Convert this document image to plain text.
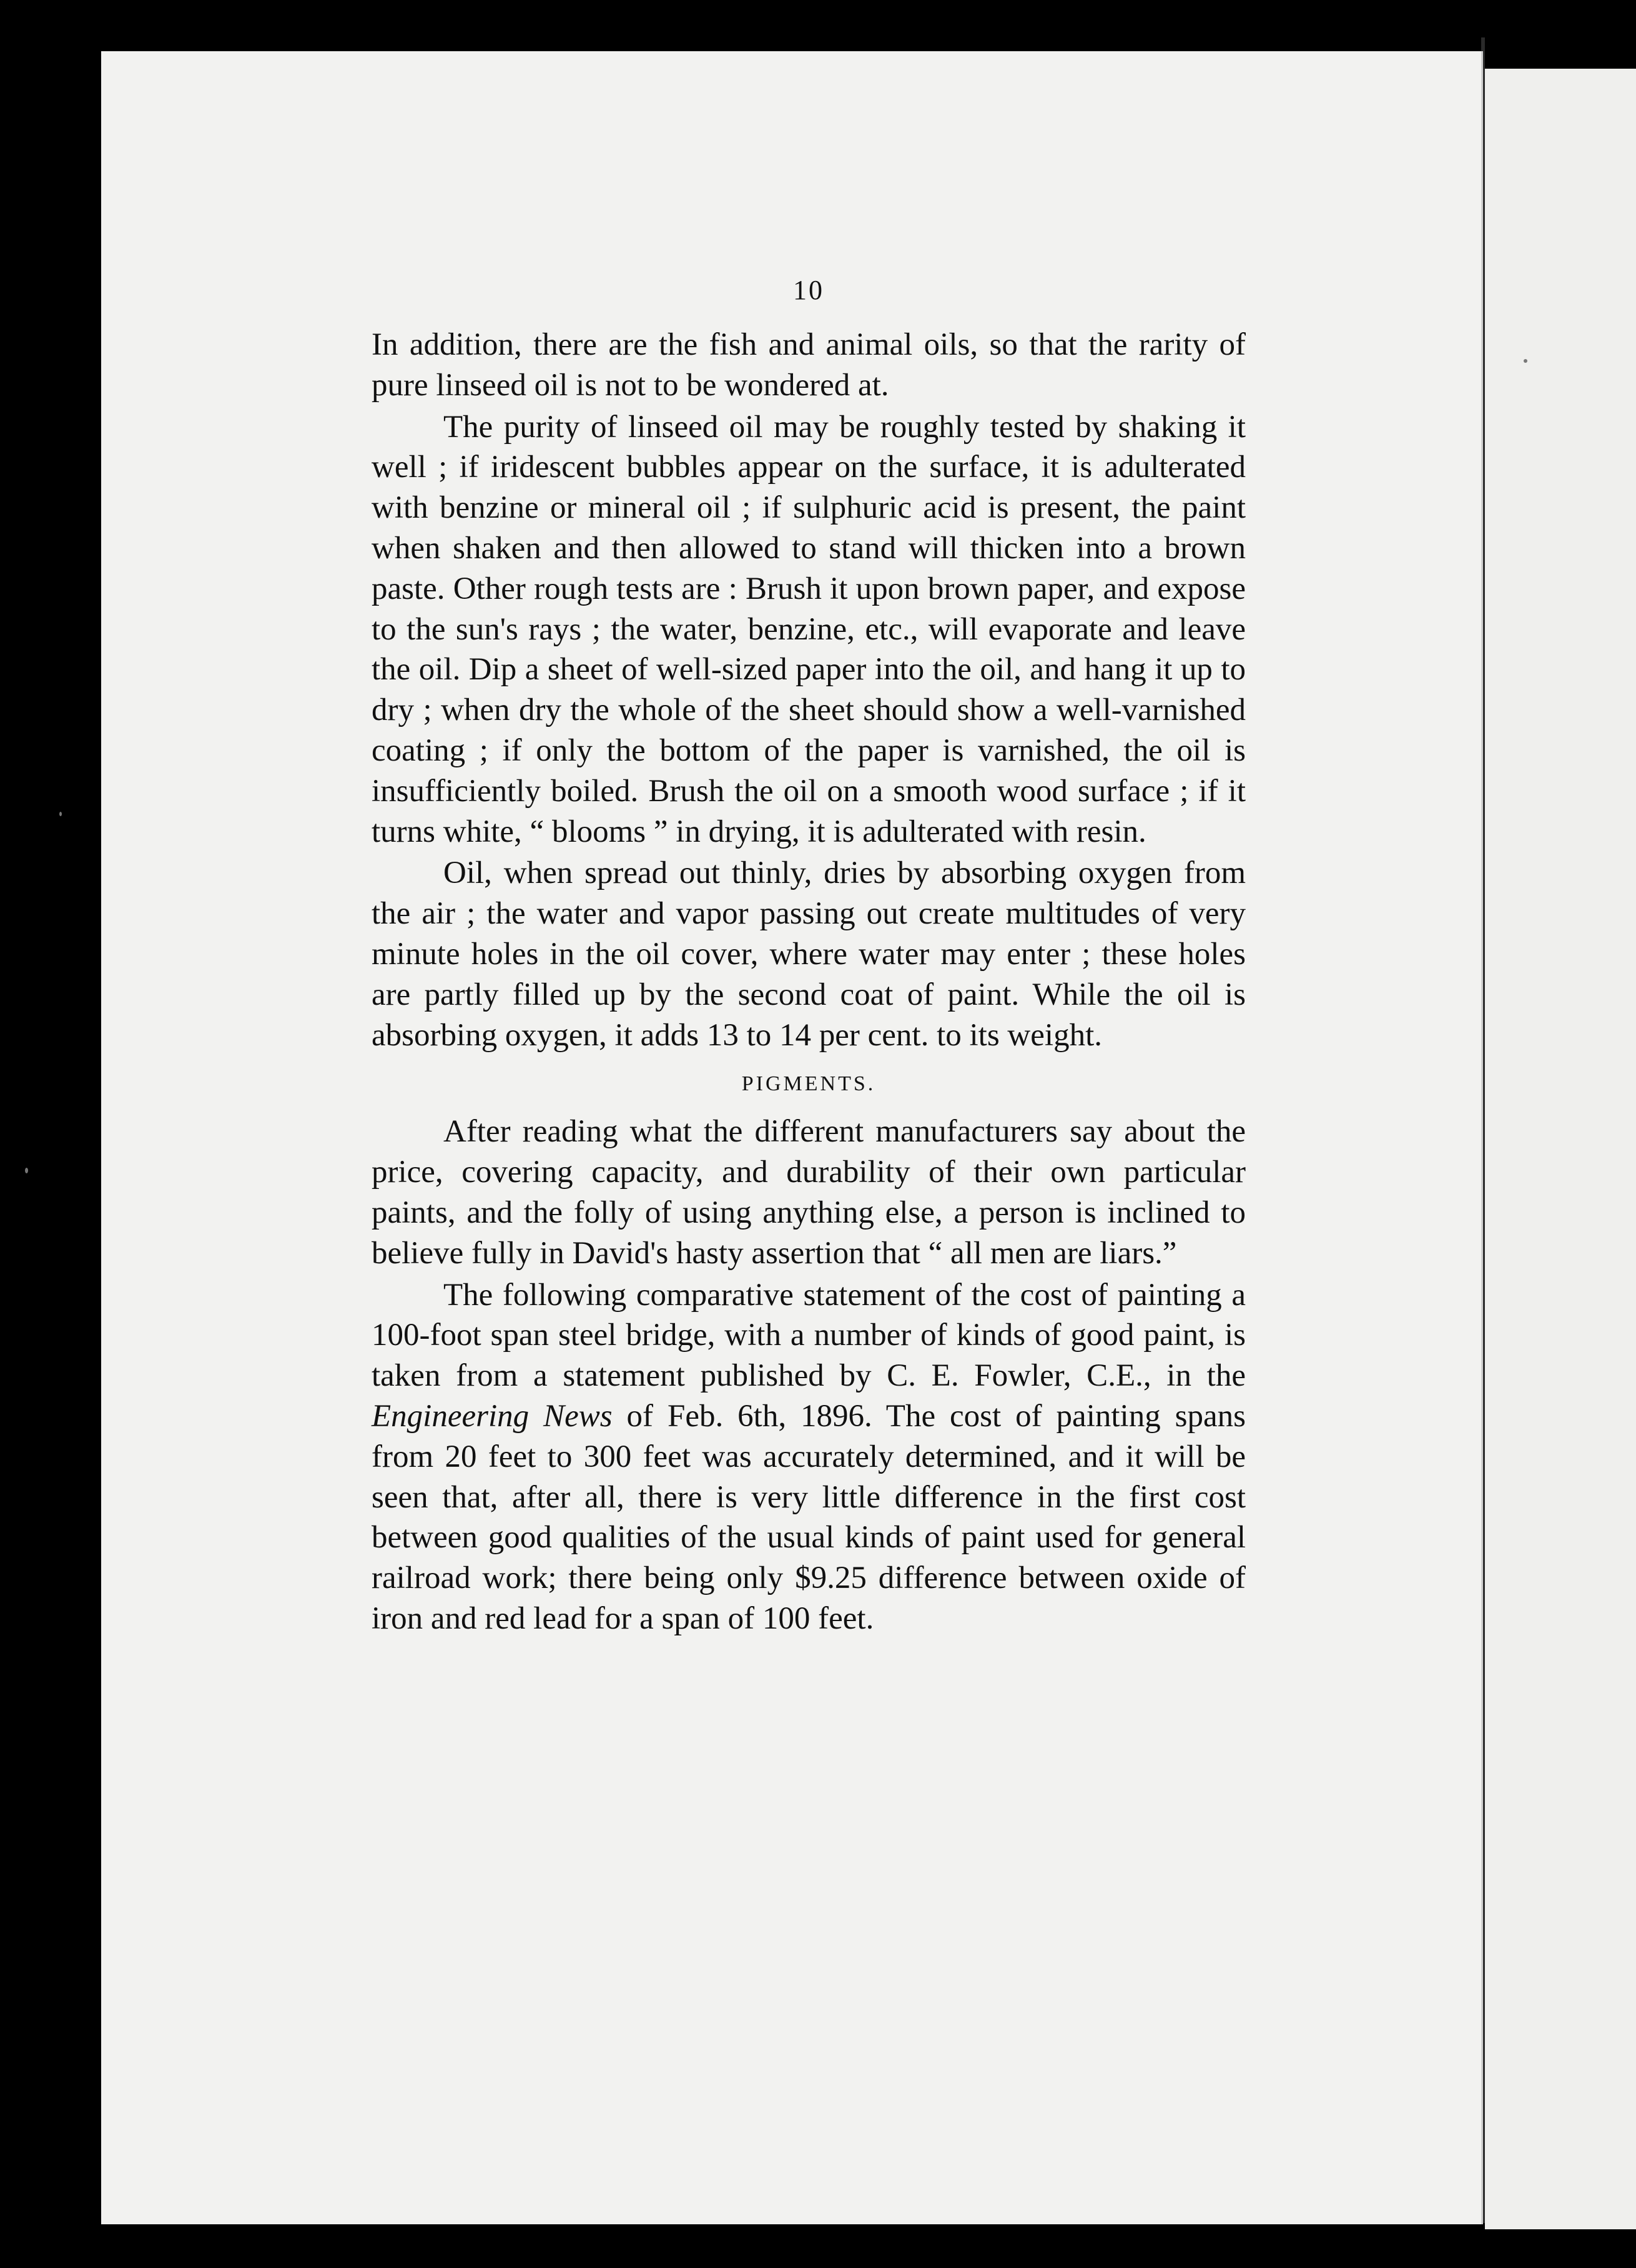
10

In addition, there are the fish and animal oils, so that the rarity of pure linseed oil is not to be wondered at.

The purity of linseed oil may be roughly tested by shaking it well ; if iridescent bubbles appear on the surface, it is adulterated with benzine or mineral oil ; if sulphuric acid is present, the paint when shaken and then allowed to stand will thicken into a brown paste. Other rough tests are : Brush it upon brown paper, and expose to the sun's rays ; the water, benzine, etc., will evaporate and leave the oil. Dip a sheet of well-sized paper into the oil, and hang it up to dry ; when dry the whole of the sheet should show a well-varnished coating ; if only the bottom of the paper is varnished, the oil is insufficiently boiled. Brush the oil on a smooth wood surface ; if it turns white, “ blooms ” in drying, it is adulterated with resin.

Oil, when spread out thinly, dries by absorbing oxygen from the air ; the water and vapor passing out create multitudes of very minute holes in the oil cover, where water may enter ; these holes are partly filled up by the second coat of paint. While the oil is absorbing oxygen, it adds 13 to 14 per cent. to its weight.

PIGMENTS.

After reading what the different manufacturers say about the price, covering capacity, and durability of their own particular paints, and the folly of using anything else, a person is inclined to believe fully in David's hasty assertion that “ all men are liars.”

The following comparative statement of the cost of painting a 100-foot span steel bridge, with a number of kinds of good paint, is taken from a statement published by C. E. Fowler, C.E., in the Engineering News of Feb. 6th, 1896. The cost of painting spans from 20 feet to 300 feet was accurately determined, and it will be seen that, after all, there is very little difference in the first cost between good qualities of the usual kinds of paint used for general railroad work; there being only $9.25 difference between oxide of iron and red lead for a span of 100 feet.
